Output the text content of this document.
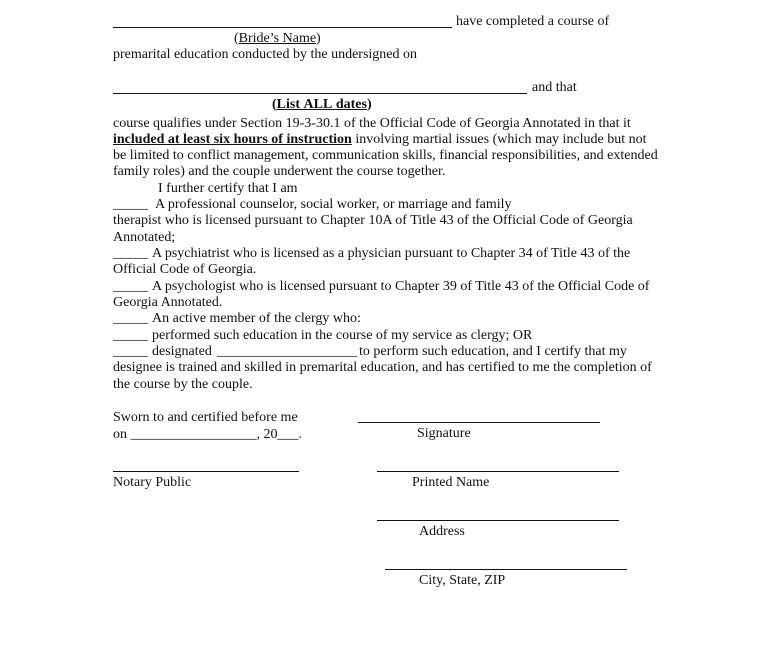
have completed a course of
(Bride’s Name)
premarital education conducted by the undersigned on
and that
(List ALL dates)
course qualifies under Section 19-3-30.1 of the Official Code of Georgia Annotated in that it
included at least six hours of instruction involving martial issues (which may include but not
be limited to conflict management, communication skills, financial responsibilities, and extended
family roles) and the couple underwent the course together.
I further certify that I am
_____ A professional counselor, social worker, or marriage and family
therapist who is licensed pursuant to Chapter 10A of Title 43 of the Official Code of Georgia
Annotated;
_____ A psychiatrist who is licensed as a physician pursuant to Chapter 34 of Title 43 of the
Official Code of Georgia.
_____ A psychologist who is licensed pursuant to Chapter 39 of Title 43 of the Official Code of
Georgia Annotated.
_____ An active member of the clergy who:
_____ performed such education in the course of my service as clergy; OR
_____ designated ____________________ to perform such education, and I certify that my
designee is trained and skilled in premarital education, and has certified to me the completion of
the course by the couple.
Sworn to and certified before me
on __________________, 20___.	Signature
Notary Public	Printed Name
Address
City, State, ZIP
